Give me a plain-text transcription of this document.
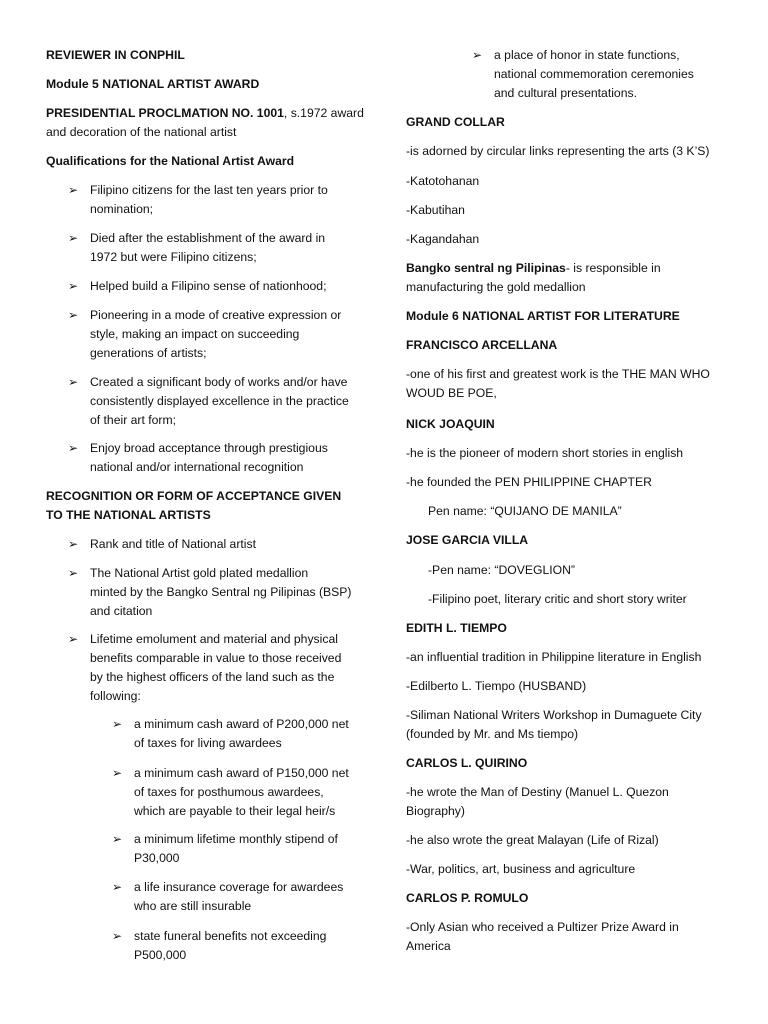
REVIEWER IN CONPHIL

Module 5 NATIONAL ARTIST AWARD

PRESIDENTIAL PROCLMATION NO. 1001, s.1972 award

and decoration of the national artist

Qualifications for the National Artist Award

➢ Filipino citizens for the last ten years prior to
nomination;
➢ Died after the establishment of the award in
1972 but were Filipino citizens;
➢ Helped build a Filipino sense of nationhood;
➢ Pioneering in a mode of creative expression or
style, making an impact on succeeding
generations of artists;
➢ Created a significant body of works and/or have
consistently displayed excellence in the practice
of their art form;
➢ Enjoy broad acceptance through prestigious
national and/or international recognition

RECOGNITION OR FORM OF ACCEPTANCE GIVEN

TO THE NATIONAL ARTISTS

➢ Rank and title of National artist
➢ The National Artist gold plated medallion
minted by the Bangko Sentral ng Pilipinas (BSP)
and citation
➢ Lifetime emolument and material and physical
benefits comparable in value to those received
by the highest officers of the land such as the
following:
➢ a minimum cash award of P200,000 net
of taxes for living awardees
➢ a minimum cash award of P150,000 net
of taxes for posthumous awardees,
which are payable to their legal heir/s
➢ a minimum lifetime monthly stipend of
P30,000
➢ a life insurance coverage for awardees
who are still insurable
➢ state funeral benefits not exceeding
P500,000
➢ a place of honor in state functions,
national commemoration ceremonies
and cultural presentations.

GRAND COLLAR

-is adorned by circular links representing the arts (3 K’S)

-Katotohanan

-Kabutihan

-Kagandahan

Bangko sentral ng Pilipinas- is responsible in

manufacturing the gold medallion

Module 6 NATIONAL ARTIST FOR LITERATURE

FRANCISCO ARCELLANA

-one of his first and greatest work is the THE MAN WHO

WOUD BE POE,

NICK JOAQUIN

-he is the pioneer of modern short stories in english

-he founded the PEN PHILIPPINE CHAPTER

Pen name: “QUIJANO DE MANILA”

JOSE GARCIA VILLA

-Pen name: “DOVEGLION”

-Filipino poet, literary critic and short story writer

EDITH L. TIEMPO

-an influential tradition in Philippine literature in English

-Edilberto L. Tiempo (HUSBAND)

-Siliman National Writers Workshop in Dumaguete City

(founded by Mr. and Ms tiempo)

CARLOS L. QUIRINO

-he wrote the Man of Destiny (Manuel L. Quezon

Biography)

-he also wrote the great Malayan (Life of Rizal)

-War, politics, art, business and agriculture

CARLOS P. ROMULO

-Only Asian who received a Pultizer Prize Award in

America
